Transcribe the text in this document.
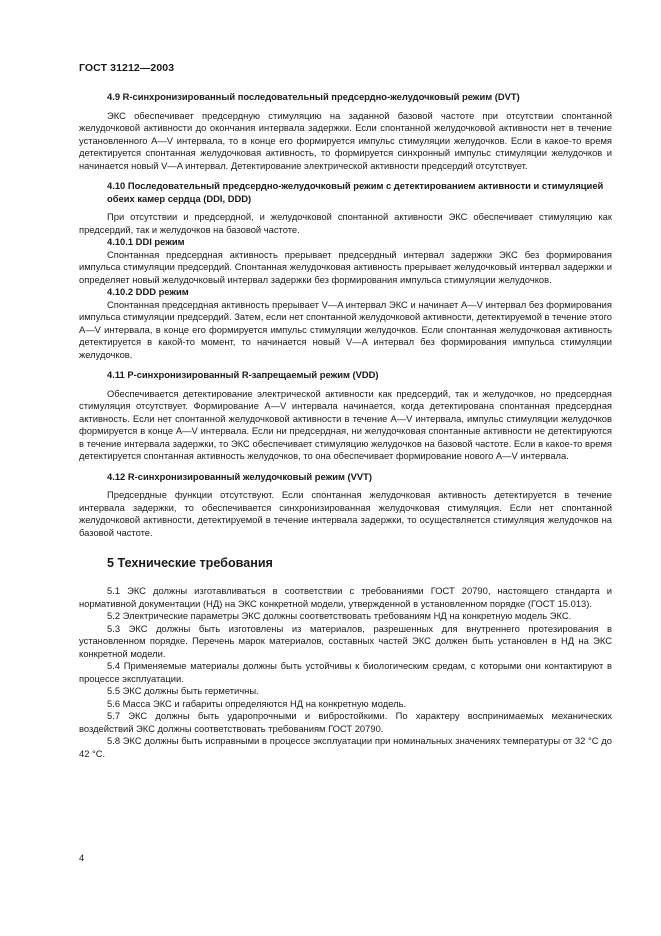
ГОСТ 31212—2003
4.9 R-синхронизированный последовательный предсердно-желудочковый режим (DVT)

ЭКС обеспечивает предсердную стимуляцию на заданной базовой частоте при отсутствии спонтанной желудочковой активности до окончания интервала задержки. Если спонтанной желудочковой активности нет в течение установленного A—V интервала, то в конце его формируется импульс стимуляции желудочков. Если в какое-то время детектируется спонтанная желудочковая активность, то формируется синхронный импульс стимуляции желудочков и начинается новый V—A интервал. Детектирование электрической активности предсердий отсутствует.

4.10 Последовательный предсердно-желудочковый режим с детектированием активности и стимуляцией обеих камер сердца (DDI, DDD)

При отсутствии и предсердной, и желудочковой спонтанной активности ЭКС обеспечивает стимуляцию как предсердий, так и желудочков на базовой частоте.

4.10.1 DDI режим

Спонтанная предсердная активность прерывает предсердный интервал задержки ЭКС без формирования импульса стимуляции предсердий. Спонтанная желудочковая активность прерывает желудочковый интервал задержки и определяет новый желудочковый интервал задержки без формирования импульса стимуляции желудочков.

4.10.2 DDD режим

Спонтанная предсердная активность прерывает V—A интервал ЭКС и начинает A—V интервал без формирования импульса стимуляции предсердий. Затем, если нет спонтанной желудочковой активности, детектируемой в течение этого A—V интервала, в конце его формируется импульс стимуляции желудочков. Если спонтанная желудочковая активность детектируется в какой-то момент, то начинается новый V—A интервал без формирования импульса стимуляции желудочков.

4.11 P-синхронизированный R-запрещаемый режим (VDD)

Обеспечивается детектирование электрической активности как предсердий, так и желудочков, но предсердная стимуляция отсутствует. Формирование A—V интервала начинается, когда детектирована спонтанная предсердная активность. Если нет спонтанной желудочковой активности в течение A—V интервала, импульс стимуляции желудочков формируется в конце A—V интервала. Если ни предсердная, ни желудочковая спонтанные активности не детектируются в течение интервала задержки, то ЭКС обеспечивает стимуляцию желудочков на базовой частоте. Если в какое-то время детектируется спонтанная активность желудочков, то она обеспечивает формирование нового A—V интервала.

4.12 R-синхронизированный желудочковый режим (VVT)

Предсердные функции отсутствуют. Если спонтанная желудочковая активность детектируется в течение интервала задержки, то обеспечивается синхронизированная желудочковая стимуляция. Если нет спонтанной желудочковой активности, детектируемой в течение интервала задержки, то осуществляется стимуляция желудочков на базовой частоте.

5 Технические требования

5.1 ЭКС должны изготавливаться в соответствии с требованиями ГОСТ 20790, настоящего стандарта и нормативной документации (НД) на ЭКС конкретной модели, утвержденной в установленном порядке (ГОСТ 15.013).

5.2 Электрические параметры ЭКС должны соответствовать требованиям НД на конкретную модель ЭКС.

5.3 ЭКС должны быть изготовлены из материалов, разрешенных для внутреннего протезирования в установленном порядке. Перечень марок материалов, составных частей ЭКС должен быть установлен в НД на ЭКС конкретной модели.

5.4 Применяемые материалы должны быть устойчивы к биологическим средам, с которыми они контактируют в процессе эксплуатации.

5.5 ЭКС должны быть герметичны.

5.6 Масса ЭКС и габариты определяются НД на конкретную модель.

5.7 ЭКС должны быть ударопрочными и вибростойкими. По характеру воспринимаемых механических воздействий ЭКС должны соответствовать требованиям ГОСТ 20790.

5.8 ЭКС должны быть исправными в процессе эксплуатации при номинальных значениях температуры от 32 °С до 42 °С.

4
